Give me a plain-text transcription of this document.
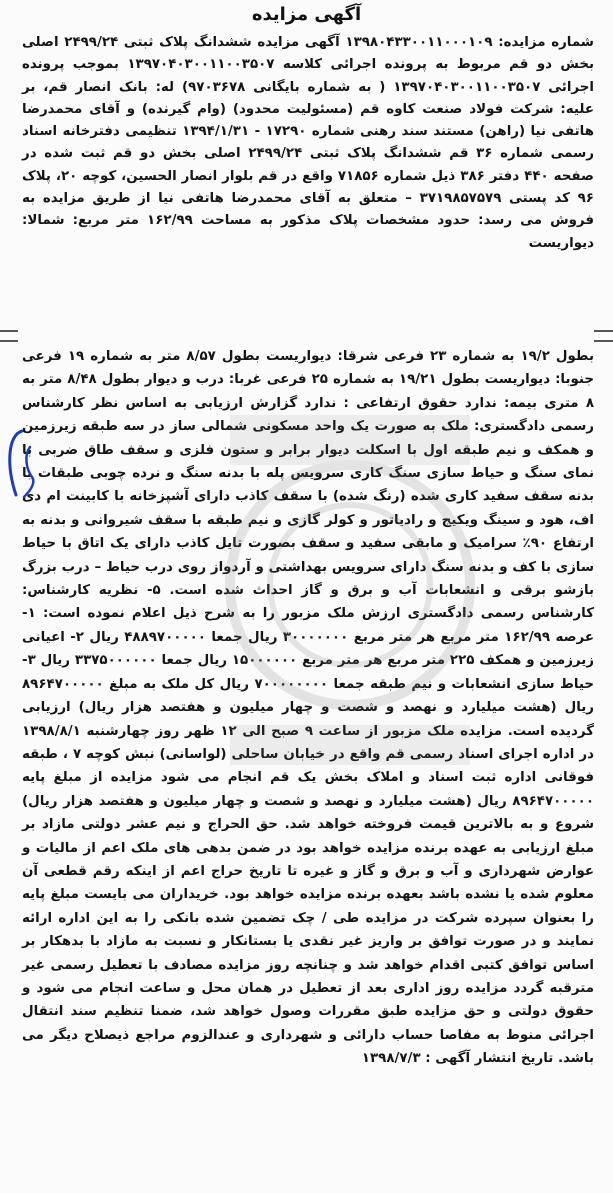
آگهی مزایده

شماره مزایده: ۱۳۹۸۰۴۳۳۰۰۱۱۰۰۰۱۰۹ آگهی مزایده ششدانگ پلاک ثبتی ۲۴۹۹/۲۴ اصلی بخش دو قم مربوط به پرونده اجرائی کلاسه ۱۳۹۷۰۴۰۳۰۰۱۱۰۰۳۵۰۷ بموجب پرونده اجرائی ۱۳۹۷۰۴۰۳۰۰۱۱۰۰۳۵۰۷ ( به شماره بایگانی ۹۷۰۳۶۷۸) له: بانک انصار قم، بر علیه: شرکت فولاد صنعت کاوه قم (مسئولیت محدود) (وام گیرنده) و آقای محمدرضا هاتفی نیا (راهن) مستند سند رهنی شماره ۱۷۲۹۰ - ۱۳۹۴/۱/۳۱ تنظیمی دفترخانه اسناد رسمی شماره ۳۶ قم ششدانگ پلاک ثبتی ۲۴۹۹/۲۴ اصلی بخش دو قم ثبت شده در صفحه ۴۴۰ دفتر ۳۸۶ ذیل شماره ۷۱۸۵۶ واقع در قم بلوار انصار الحسین، کوچه ۲۰، پلاک ۹۶ کد پستی ۳۷۱۹۸۵۷۵۷۹ – متعلق به آقای محمدرضا هاتفی نیا از طریق مزایده به فروش می رسد: حدود مشخصات پلاک مذکور به مساحت ۱۶۲/۹۹ متر مربع: شمالا: دیواریست

بطول ۱۹/۲ به شماره ۲۳ فرعی شرقا: دیواریست بطول ۸/۵۷ متر به شماره ۱۹ فرعی جنوبا: دیواریست بطول ۱۹/۲۱ به شماره ۲۵ فرعی غربا: درب و دیوار بطول ۸/۴۸ متر به ۸ متری بیمه: ندارد حقوق ارتفاعی : ندارد گزارش ارزیابی به اساس نظر کارشناس رسمی دادگستری: ملک به صورت یک واحد مسکونی شمالی ساز در سه طبقه زیرزمین و همکف و نیم طبقه اول با اسکلت دیوار برابر و ستون فلزی و سقف طاق ضربی با نمای سنگ و حیاط سازی سنگ کاری سرویس پله با بدنه سنگ و نرده چوبی طبقات با بدنه سقف سفید کاری شده (رنگ شده) با سقف کاذب دارای آشپزخانه با کابینت ام دی اف، هود و سینگ ویکیج و رادیاتور و کولر گازی و نیم طبقه با سقف شیروانی و بدنه به ارتفاع ۹۰٪ سرامیک و مابقی سفید و سقف بصورت تایل کاذب دارای یک اتاق با حیاط سازی با کف و بدنه سنگ دارای سرویس بهداشتی و آردواز روی درب حیاط – درب بزرگ بازشو برقی و انشعابات آب و برق و گاز احداث شده است. ۵- نظریه کارشناس: کارشناس رسمی دادگستری ارزش ملک مزبور را به شرح ذیل اعلام نموده است: ۱- عرصه ۱۶۲/۹۹ متر مربع هر متر مربع ۳۰۰۰۰۰۰۰ ریال جمعا ۴۸۸۹۷۰۰۰۰۰ ریال ۲- اعیانی زیرزمین و همکف ۲۲۵ متر مربع هر متر مربع ۱۵۰۰۰۰۰۰ ریال جمعا ۳۳۷۵۰۰۰۰۰۰ ریال ۳- حیاط سازی انشعابات و نیم طبقه جمعا ۷۰۰۰۰۰۰۰۰ ریال کل ملک به مبلغ ۸۹۶۴۷۰۰۰۰۰ ریال (هشت میلیارد و نهصد و شصت و چهار میلیون و هفتصد هزار ریال) ارزیابی گردیده است. مزایده ملک مزبور از ساعت ۹ صبح الی ۱۲ ظهر روز چهارشنبه ۱۳۹۸/۸/۱ در اداره اجرای اسناد رسمی قم واقع در خیابان ساحلی (لواسانی) نبش کوچه ۷ ، طبقه فوقانی اداره ثبت اسناد و املاک بخش یک قم انجام می شود مزایده از مبلغ پایه ۸۹۶۴۷۰۰۰۰۰ ریال (هشت میلیارد و نهصد و شصت و چهار میلیون و هفتصد هزار ریال) شروع و به بالاترین قیمت فروخته خواهد شد. حق الحراج و نیم عشر دولتی مازاد بر مبلغ ارزیابی به عهده برنده مزایده خواهد بود در ضمن بدهی های ملک اعم از مالیات و عوارض شهرداری و آب و برق و گاز و غیره تا تاریخ حراج اعم از اینکه رقم قطعی آن معلوم شده یا نشده باشد بعهده برنده مزایده خواهد بود. خریداران می بایست مبلغ پایه را بعنوان سپرده شرکت در مزایده طی / چک تضمین شده بانکی را به این اداره ارائه نمایند و در صورت توافق بر واریز غیر نقدی یا بستانکار و نسبت به مازاد با بدهکار بر اساس توافق کتبی اقدام خواهد شد و چنانچه روز مزایده مصادف با تعطیل رسمی غیر مترقبه گردد مزایده روز اداری بعد از تعطیل در همان محل و ساعت انجام می شود و حقوق دولتی و حق مزایده طبق مقررات وصول خواهد شد، ضمنا تنظیم سند انتقال اجرائی منوط به مفاصا حساب دارائی و شهرداری و عندالزوم مراجع ذیصلاح دیگر می باشد. تاریخ انتشار آگهی : ۱۳۹۸/۷/۳
